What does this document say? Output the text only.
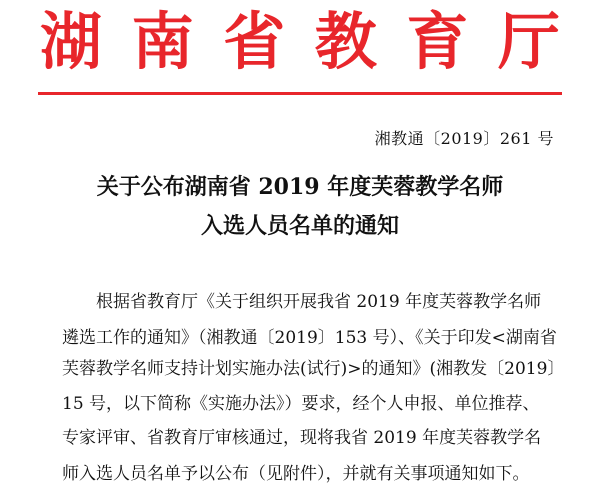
湖 南 省 教 育 厅
湘教通〔2019〕261 号
关于公布湖南省 2019 年度芙蓉教学名师
入选人员名单的通知

根据省教育厅《关于组织开展我省 2019 年度芙蓉教学名师

遴选工作的通知》（湘教通〔2019〕153 号）、《关于印发<湖南省

芙蓉教学名师支持计划实施办法(试行)>的通知》(湘教发〔2019〕

15 号，以下简称《实施办法》）要求，经个人申报、单位推荐、

专家评审、省教育厅审核通过，现将我省 2019 年度芙蓉教学名

师入选人员名单予以公布（见附件），并就有关事项通知如下。
